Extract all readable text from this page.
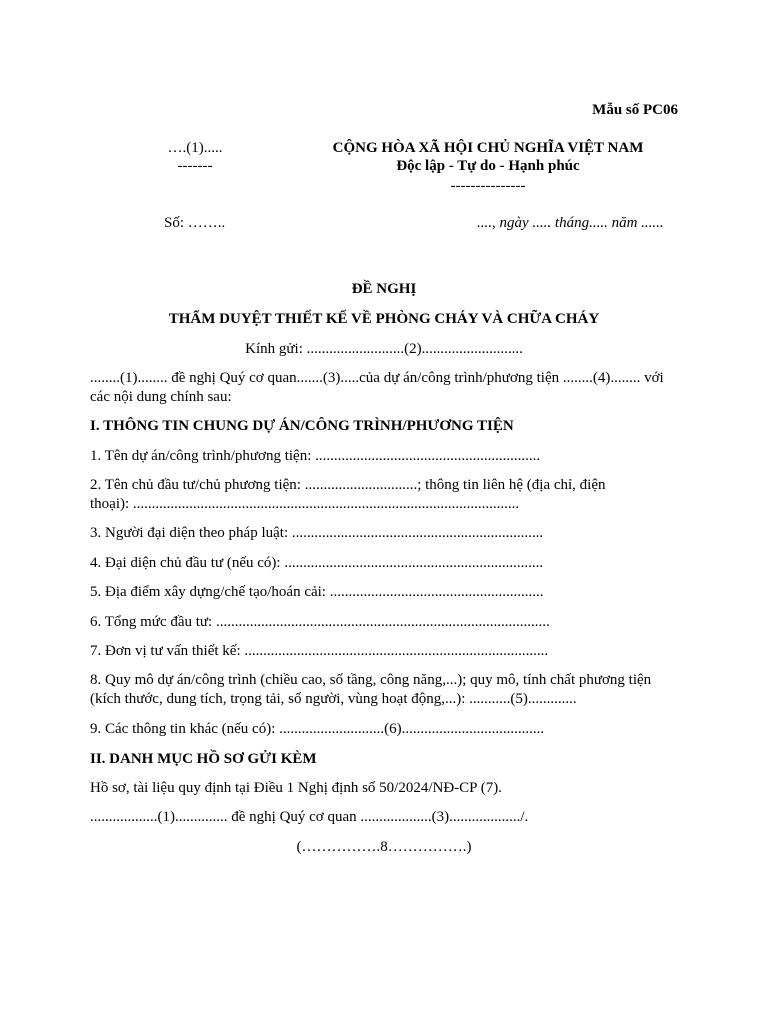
Mẫu số PC06
….(1).....
-------
Số: ……..
CỘNG HÒA XÃ HỘI CHỦ NGHĨA VIỆT NAM
Độc lập - Tự do - Hạnh phúc
---------------
...., ngày ..... tháng..... năm ......
ĐỀ NGHỊ
THẨM DUYỆT THIẾT KẾ VỀ PHÒNG CHÁY VÀ CHỮA CHÁY
Kính gửi: ..........................(2)...........................
........(1)........ đề nghị Quý cơ quan.......(3).....của dự án/công trình/phương tiện ........(4)........ với các nội dung chính sau:
I. THÔNG TIN CHUNG DỰ ÁN/CÔNG TRÌNH/PHƯƠNG TIỆN
1. Tên dự án/công trình/phương tiện: ............................................................
2. Tên chủ đầu tư/chủ phương tiện: ..............................; thông tin liên hệ (địa chỉ, điện thoại): .......................................................................................................
3. Người đại diện theo pháp luật: ...................................................................
4. Đại diện chủ đầu tư (nếu có): .....................................................................
5. Địa điểm xây dựng/chế tạo/hoán cải: .........................................................
6. Tổng mức đầu tư: .........................................................................................
7. Đơn vị tư vấn thiết kế: .................................................................................
8. Quy mô dự án/công trình (chiều cao, số tầng, công năng,...); quy mô, tính chất phương tiện (kích thước, dung tích, trọng tải, số người, vùng hoạt động,...): ...........(5).............
9. Các thông tin khác (nếu có): ............................(6)......................................
II. DANH MỤC HỒ SƠ GỬI KÈM
Hồ sơ, tài liệu quy định tại Điều 1 Nghị định số 50/2024/NĐ-CP (7).
..................(1).............. đề nghị Quý cơ quan ...................(3).................../.
(…………….8…………….)
